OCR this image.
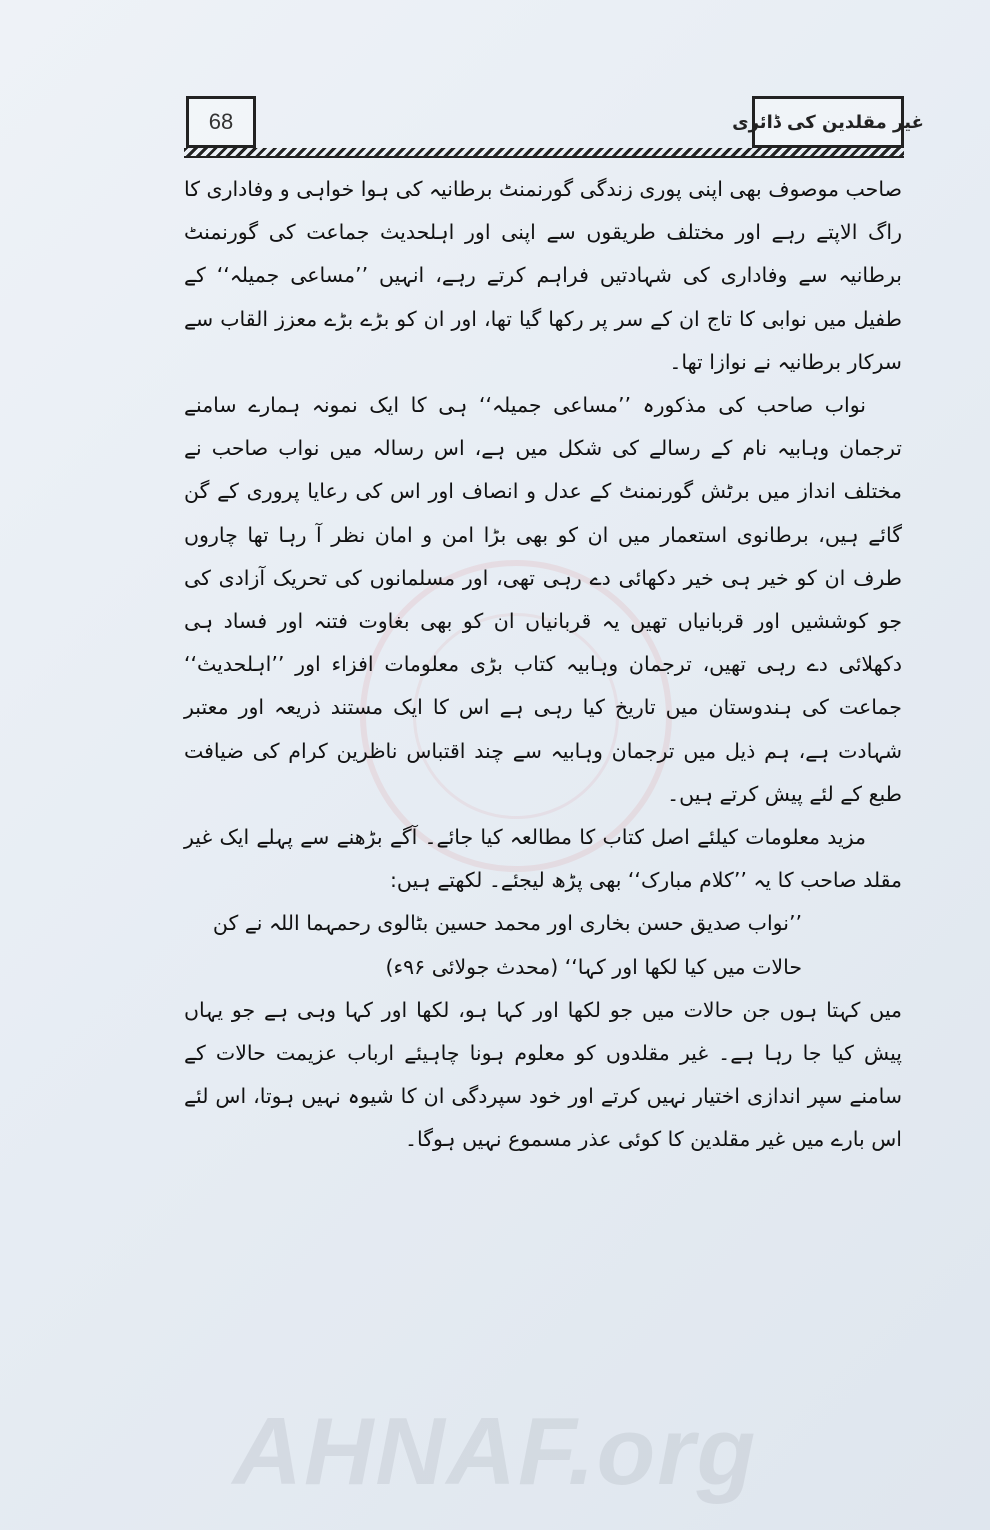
68	غیر مقلدین کی ڈائری

صاحب موصوف بھی اپنی پوری زندگی گورنمنٹ برطانیہ کی ہوا خواہی و وفاداری کا راگ الاپتے رہے اور مختلف طریقوں سے اپنی اور اہلحدیث جماعت کی گورنمنٹ برطانیہ سے وفاداری کی شہادتیں فراہم کرتے رہے، انہیں ’’مساعی جمیلہ‘‘ کے طفیل میں نوابی کا تاج ان کے سر پر رکھا گیا تھا، اور ان کو بڑے بڑے معزز القاب سے سرکار برطانیہ نے نوازا تھا۔

نواب صاحب کی مذکورہ ’’مساعی جمیلہ‘‘ ہی کا ایک نمونہ ہمارے سامنے ترجمان وہابیہ نام کے رسالے کی شکل میں ہے، اس رسالہ میں نواب صاحب نے مختلف انداز میں برٹش گورنمنٹ کے عدل و انصاف اور اس کی رعایا پروری کے گن گائے ہیں، برطانوی استعمار میں ان کو بھی بڑا امن و امان نظر آ رہا تھا چاروں طرف ان کو خیر ہی خیر دکھائی دے رہی تھی، اور مسلمانوں کی تحریک آزادی کی جو کوششیں اور قربانیاں تھیں یہ قربانیاں ان کو بھی بغاوت فتنہ اور فساد ہی دکھلائی دے رہی تھیں، ترجمان وہابیہ کتاب بڑی معلومات افزاء اور ’’اہلحدیث‘‘ جماعت کی ہندوستان میں تاریخ کیا رہی ہے اس کا ایک مستند ذریعہ اور معتبر شہادت ہے، ہم ذیل میں ترجمان وہابیہ سے چند اقتباس ناظرین کرام کی ضیافت طبع کے لئے پیش کرتے ہیں۔

مزید معلومات کیلئے اصل کتاب کا مطالعہ کیا جائے۔ آگے بڑھنے سے پہلے ایک غیر مقلد صاحب کا یہ ’’کلام مبارک‘‘ بھی پڑھ لیجئے۔ لکھتے ہیں:

’’نواب صدیق حسن بخاری اور محمد حسین بٹالوی رحمہما اللہ نے کن

حالات میں کیا لکھا اور کہا‘‘ (محدث جولائی ۹۶ء)

میں کہتا ہوں جن حالات میں جو لکھا اور کہا ہو، لکھا اور کہا وہی ہے جو یہاں پیش کیا جا رہا ہے۔ غیر مقلدوں کو معلوم ہونا چاہیئے ارباب عزیمت حالات کے سامنے سپر اندازی اختیار نہیں کرتے اور خود سپردگی ان کا شیوہ نہیں ہوتا، اس لئے اس بارے میں غیر مقلدین کا کوئی عذر مسموع نہیں ہوگا۔

AHNAF.org
